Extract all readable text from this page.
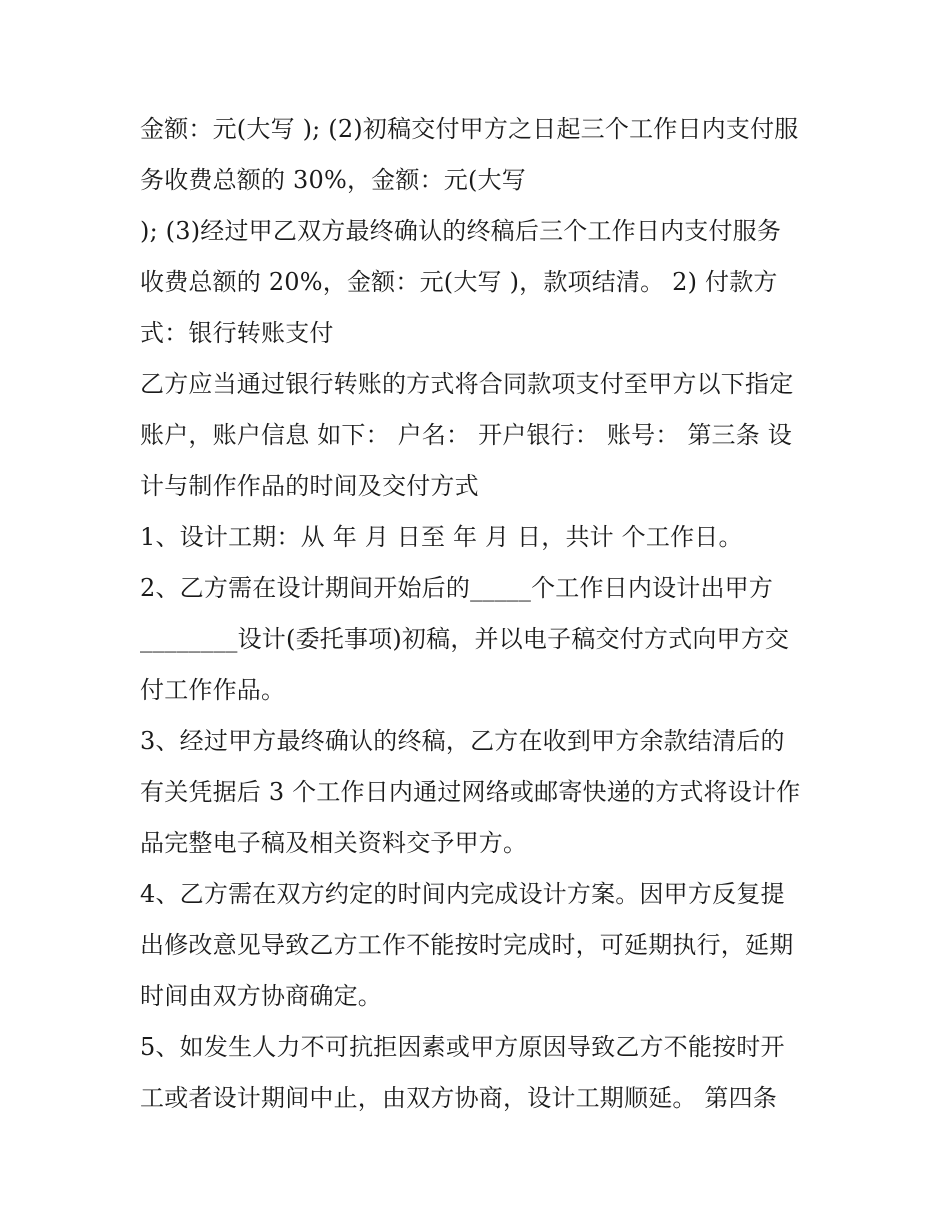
金额：元(大写 ); (2)初稿交付甲方之日起三个工作日内支付服
务收费总额的 30%，金额：元(大写
); (3)经过甲乙双方最终确认的终稿后三个工作日内支付服务
收费总额的 20%，金额：元(大写 )，款项结清。 2) 付款方
式：银行转账支付
乙方应当通过银行转账的方式将合同款项支付至甲方以下指定
账户，账户信息 如下： 户名： 开户银行： 账号： 第三条 设
计与制作作品的时间及交付方式
1、设计工期：从 年 月 日至 年 月 日，共计 个工作日。
2、乙方需在设计期间开始后的_____个工作日内设计出甲方
________设计(委托事项)初稿，并以电子稿交付方式向甲方交
付工作作品。
3、经过甲方最终确认的终稿，乙方在收到甲方余款结清后的
有关凭据后 3 个工作日内通过网络或邮寄快递的方式将设计作
品完整电子稿及相关资料交予甲方。
4、乙方需在双方约定的时间内完成设计方案。因甲方反复提
出修改意见导致乙方工作不能按时完成时，可延期执行，延期
时间由双方协商确定。
5、如发生人力不可抗拒因素或甲方原因导致乙方不能按时开
工或者设计期间中止，由双方协商，设计工期顺延。 第四条
